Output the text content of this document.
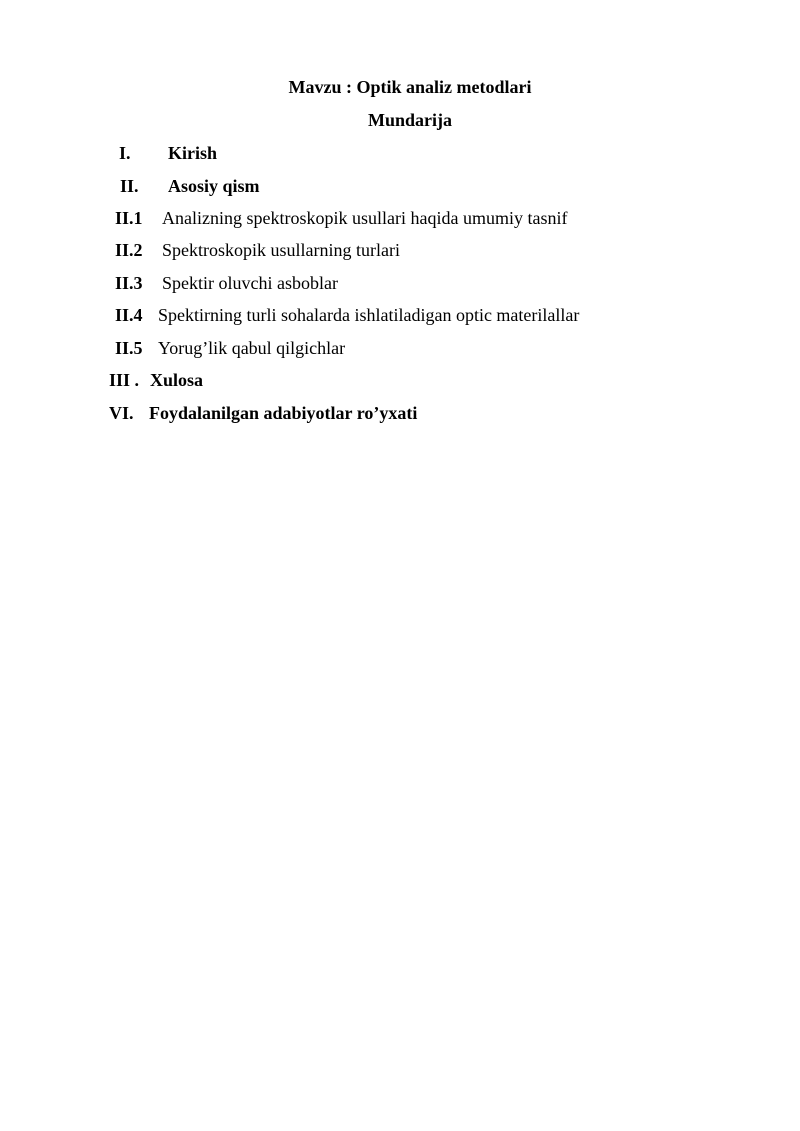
Mavzu : Optik analiz metodlari
Mundarija
I. Kirish
II. Asosiy qism
II.1 Analizning spektroskopik usullari haqida umumiy tasnif
II.2 Spektroskopik usullarning turlari
II.3 Spektir oluvchi asboblar
II.4 Spektirning turli sohalarda ishlatiladigan optic materilallar
II.5 Yorug’lik qabul qilgichlar
III . Xulosa
VI. Foydalanilgan adabiyotlar ro’yxati
